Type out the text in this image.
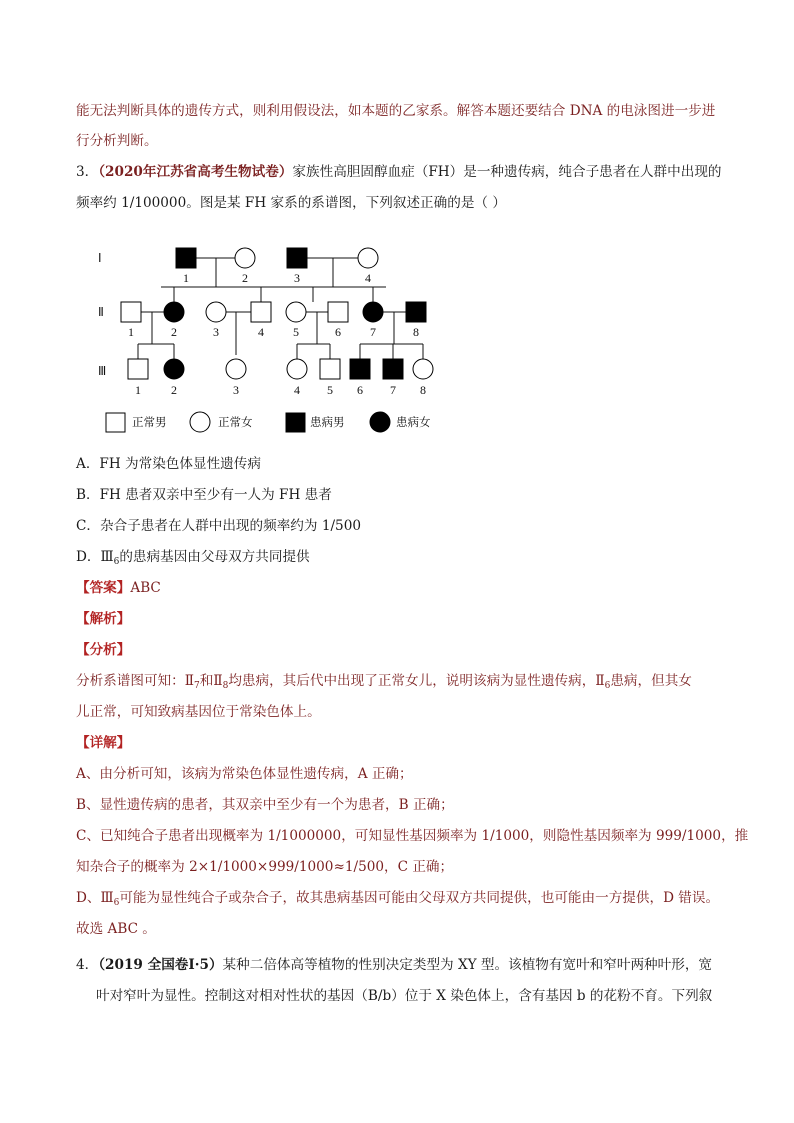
能无法判断具体的遗传方式，则利用假设法，如本题的乙家系。解答本题还要结合 DNA 的电泳图进一步进
行分析判断。
3．（2020年江苏省高考生物试卷）家族性高胆固醇血症（FH）是一种遗传病，纯合子患者在人群中出现的
频率约 1/100000。图是某 FH 家系的系谱图，下列叙述正确的是（ ）
Ⅰ
Ⅱ
Ⅲ
1	2	3	4
1	2	3	4 5	6 7	8
1	2	3	4 5 6 7 8
正常男	正常女	患病男	患病女
A．FH 为常染色体显性遗传病
B．FH 患者双亲中至少有一人为 FH 患者
C．杂合子患者在人群中出现的频率约为 1/500
D．$Ⅲ_6$的患病基因由父母双方共同提供
【答案】ABC
【解析】
【分析】
分析系谱图可知：$Ⅱ_7$和$Ⅱ_8$均患病，其后代中出现了正常女儿，说明该病为显性遗传病，$Ⅱ_6$患病，但其女
儿正常，可知致病基因位于常染色体上。
【详解】
A、由分析可知，该病为常染色体显性遗传病，A 正确；
B、显性遗传病的患者，其双亲中至少有一个为患者，B 正确；
C、已知纯合子患者出现概率为 1/1000000，可知显性基因频率为 1/1000，则隐性基因频率为 999/1000，推
知杂合子的概率为 2×1/1000×999/1000≈1/500，C 正确；
D、$Ⅲ_6$可能为显性纯合子或杂合子，故其患病基因可能由父母双方共同提供，也可能由一方提供，D 错误。
故选 ABC 。
4．（2019 全国卷Ⅰ·5）某种二倍体高等植物的性别决定类型为 XY 型。该植物有宽叶和窄叶两种叶形，宽
叶对窄叶为显性。控制这对相对性状的基因（B/b）位于 X 染色体上，含有基因 b 的花粉不育。下列叙
